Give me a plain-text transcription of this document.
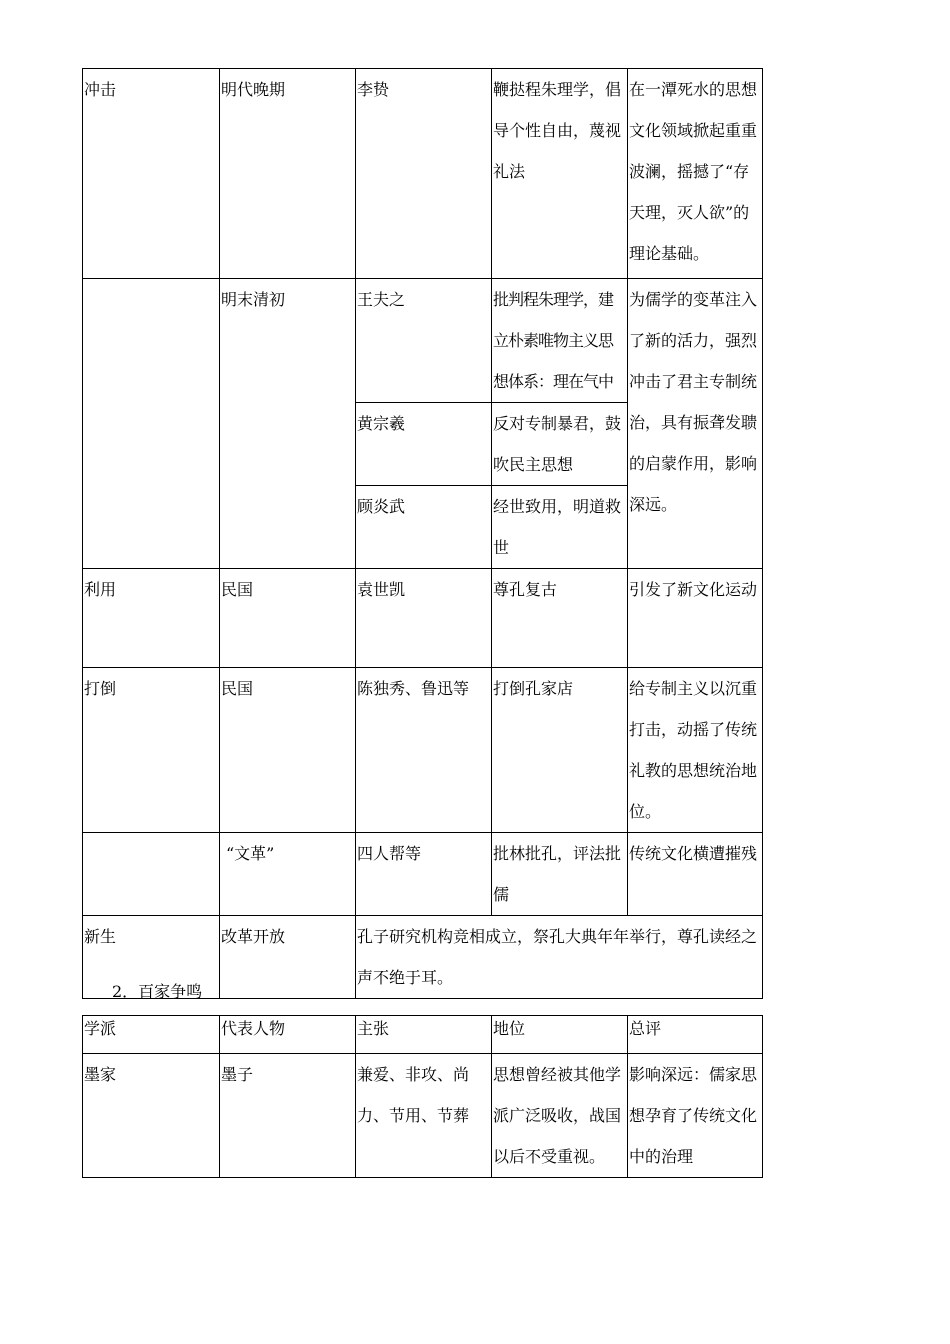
冲击	明代晚期	李贽	鞭挞程朱理学，倡导个性自由，蔑视礼法	在一潭死水的思想文化领域掀起重重波澜，摇撼了“存天理，灭人欲”的理论基础。
	明末清初	王夫之	批判程朱理学，建立朴素唯物主义思想体系：理在气中	为儒学的变革注入了新的活力，强烈冲击了君主专制统治，具有振聋发聩的启蒙作用，影响深远。
		黄宗羲	反对专制暴君，鼓吹民主思想	
		顾炎武	经世致用，明道救世	
利用	民国	袁世凯	尊孔复古	引发了新文化运动
打倒	民国	陈独秀、鲁迅等	打倒孔家店	给专制主义以沉重打击，动摇了传统礼教的思想统治地位。
	“文革”	四人帮等	批林批孔，评法批儒	传统文化横遭摧残
新生	改革开放	孔子研究机构竞相成立，祭孔大典年年举行，尊孔读经之声不绝于耳。		
2．百家争鸣
学派	代表人物	主张	地位	总评
墨家	墨子	兼爱、非攻、尚力、节用、节葬	思想曾经被其他学派广泛吸收，战国以后不受重视。	影响深远：儒家思想孕育了传统文化中的治理
